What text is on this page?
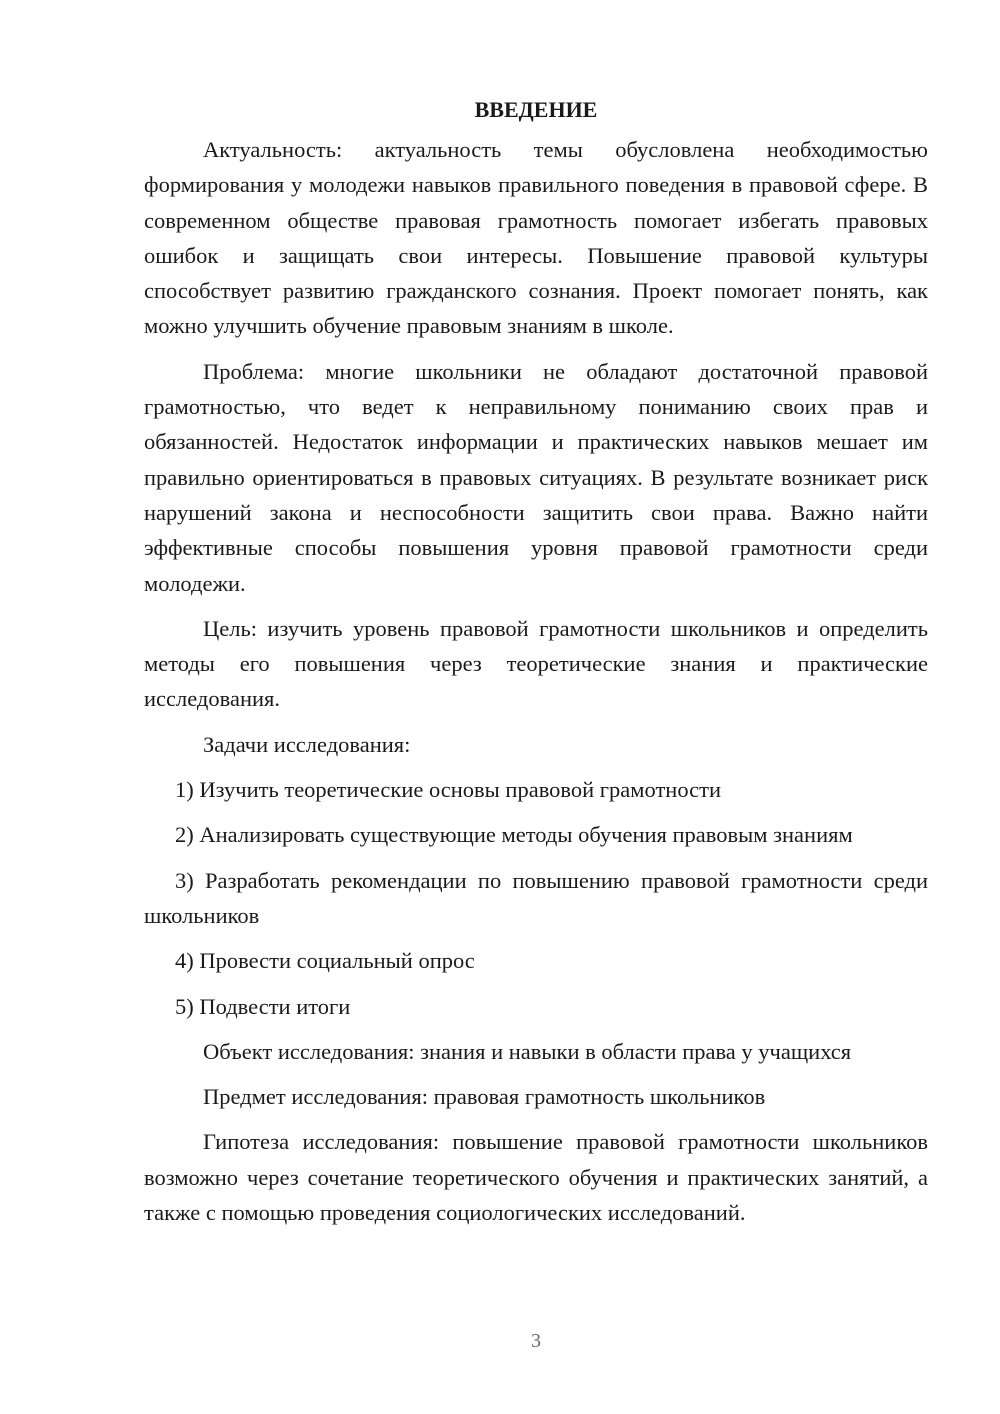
ВВЕДЕНИЕ

Актуальность: актуальность темы обусловлена необходимостью формирования у молодежи навыков правильного поведения в правовой сфере. В современном обществе правовая грамотность помогает избегать правовых ошибок и защищать свои интересы. Повышение правовой культуры способствует развитию гражданского сознания. Проект помогает понять, как можно улучшить обучение правовым знаниям в школе.

Проблема: многие школьники не обладают достаточной правовой грамотностью, что ведет к неправильному пониманию своих прав и обязанностей. Недостаток информации и практических навыков мешает им правильно ориентироваться в правовых ситуациях. В результате возникает риск нарушений закона и неспособности защитить свои права. Важно найти эффективные способы повышения уровня правовой грамотности среди молодежи.

Цель: изучить уровень правовой грамотности школьников и определить методы его повышения через теоретические знания и практические исследования.

Задачи исследования:

1) Изучить теоретические основы правовой грамотности

2) Анализировать существующие методы обучения правовым знаниям

3) Разработать рекомендации по повышению правовой грамотности среди школьников

4) Провести социальный опрос

5) Подвести итоги

Объект исследования: знания и навыки в области права у учащихся

Предмет исследования: правовая грамотность школьников

Гипотеза исследования: повышение правовой грамотности школьников возможно через сочетание теоретического обучения и практических занятий, а также с помощью проведения социологических исследований.

3
